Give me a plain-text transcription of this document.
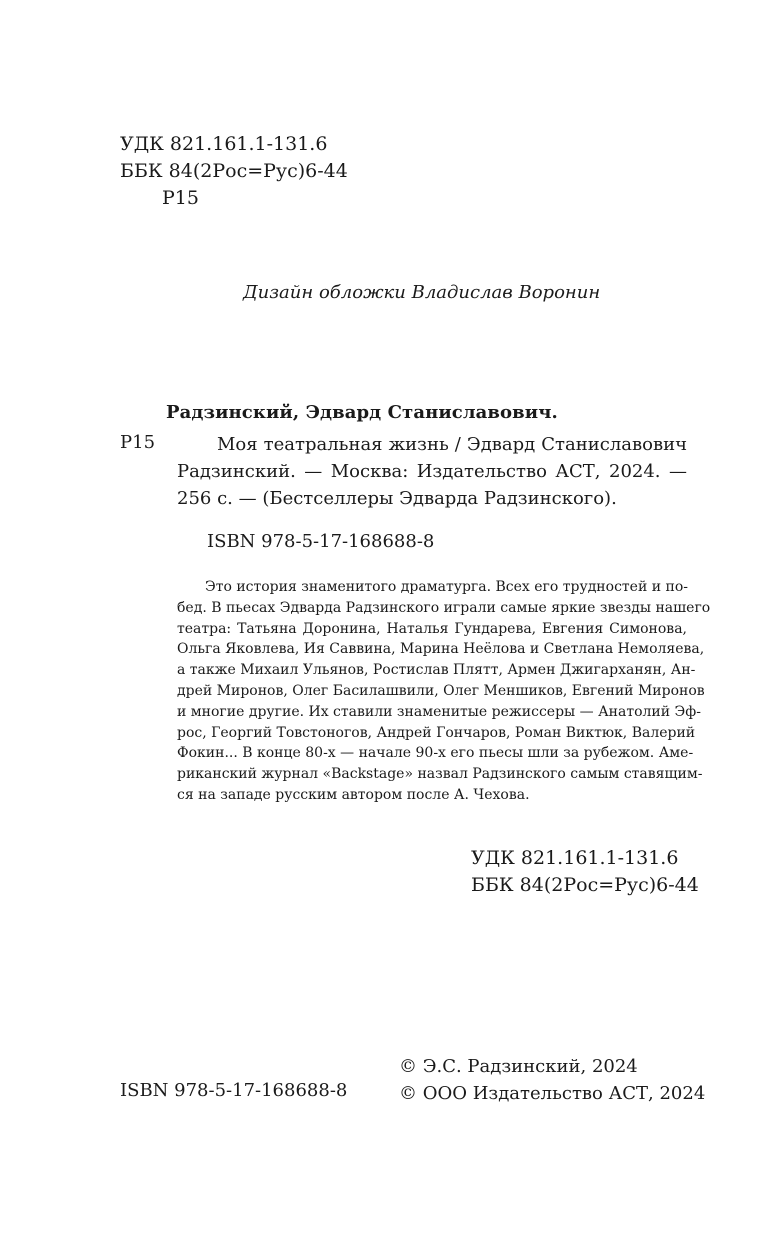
УДК 821.161.1-131.6
ББК 84(2Рос=Рус)6-44
Р15
Дизайн обложки Владислав Воронин
Радзинский, Эдвард Станиславович.
Р15	Моя театральная жизнь / Эдвард Станиславович
Радзинский. — Москва: Издательство АСТ, 2024. —
256 с. — (Бестселлеры Эдварда Радзинского).
ISBN 978-5-17-168688-8
Это история знаменитого драматурга. Всех его трудностей и по-
бед. В пьесах Эдварда Радзинского играли самые яркие звезды нашего
театра: Татьяна Доронина, Наталья Гундарева, Евгения Симонова,
Ольга Яковлева, Ия Саввина, Марина Неёлова и Светлана Немоляева,
а также Михаил Ульянов, Ростислав Плятт, Армен Джигарханян, Ан-
дрей Миронов, Олег Басилашвили, Олег Меншиков, Евгений Миронов
и многие другие. Их ставили знаменитые режиссеры — Анатолий Эф-
рос, Георгий Товстоногов, Андрей Гончаров, Роман Виктюк, Валерий
Фокин... В конце 80-х — начале 90-х его пьесы шли за рубежом. Аме-
риканский журнал «Backstage» назвал Радзинского самым ставящим-
ся на западе русским автором после А. Чехова.
УДК 821.161.1-131.6
ББК 84(2Рос=Рус)6-44
© Э.С. Радзинский, 2024
© ООО Издательство АСТ, 2024
ISBN 978-5-17-168688-8
